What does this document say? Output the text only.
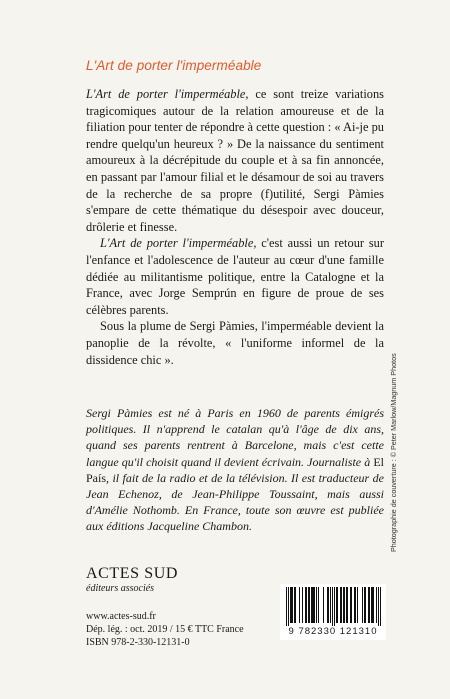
L'Art de porter l'imperméable

L'Art de porter l'imperméable, ce sont treize variations tragicomiques autour de la relation amoureuse et de la filiation pour tenter de répondre à cette question : « Ai-je pu rendre quelqu'un heureux ? » De la naissance du sentiment amoureux à la décrépitude du couple et à sa fin annoncée, en passant par l'amour filial et le désamour de soi au travers de la recherche de sa propre (f)utilité, Sergi Pàmies s'empare de cette thématique du désespoir avec douceur, drôlerie et finesse.

L'Art de porter l'imperméable, c'est aussi un retour sur l'enfance et l'adolescence de l'auteur au cœur d'une famille dédiée au militantisme politique, entre la Catalogne et la France, avec Jorge Semprún en figure de proue de ses célèbres parents.

Sous la plume de Sergi Pàmies, l'imperméable devient la panoplie de la révolte, « l'uniforme informel de la dissidence chic ».

Sergi Pàmies est né à Paris en 1960 de parents émigrés politiques. Il n'apprend le catalan qu'à l'âge de dix ans, quand ses parents rentrent à Barcelone, mais c'est cette langue qu'il choisit quand il devient écrivain. Journaliste à El País, il fait de la radio et de la télévision. Il est traducteur de Jean Echenoz, de Jean-Philippe Toussaint, mais aussi d'Amélie Nothomb. En France, toute son œuvre est publiée aux éditions Jacqueline Chambon.

ACTES SUD
éditeurs associés
www.actes-sud.fr
Dép. lég. : oct. 2019 / 15 € TTC France
ISBN 978-2-330-12131-0
9 782330 121310
Photographie de couverture : © Peter Marlow/Magnum Photos
